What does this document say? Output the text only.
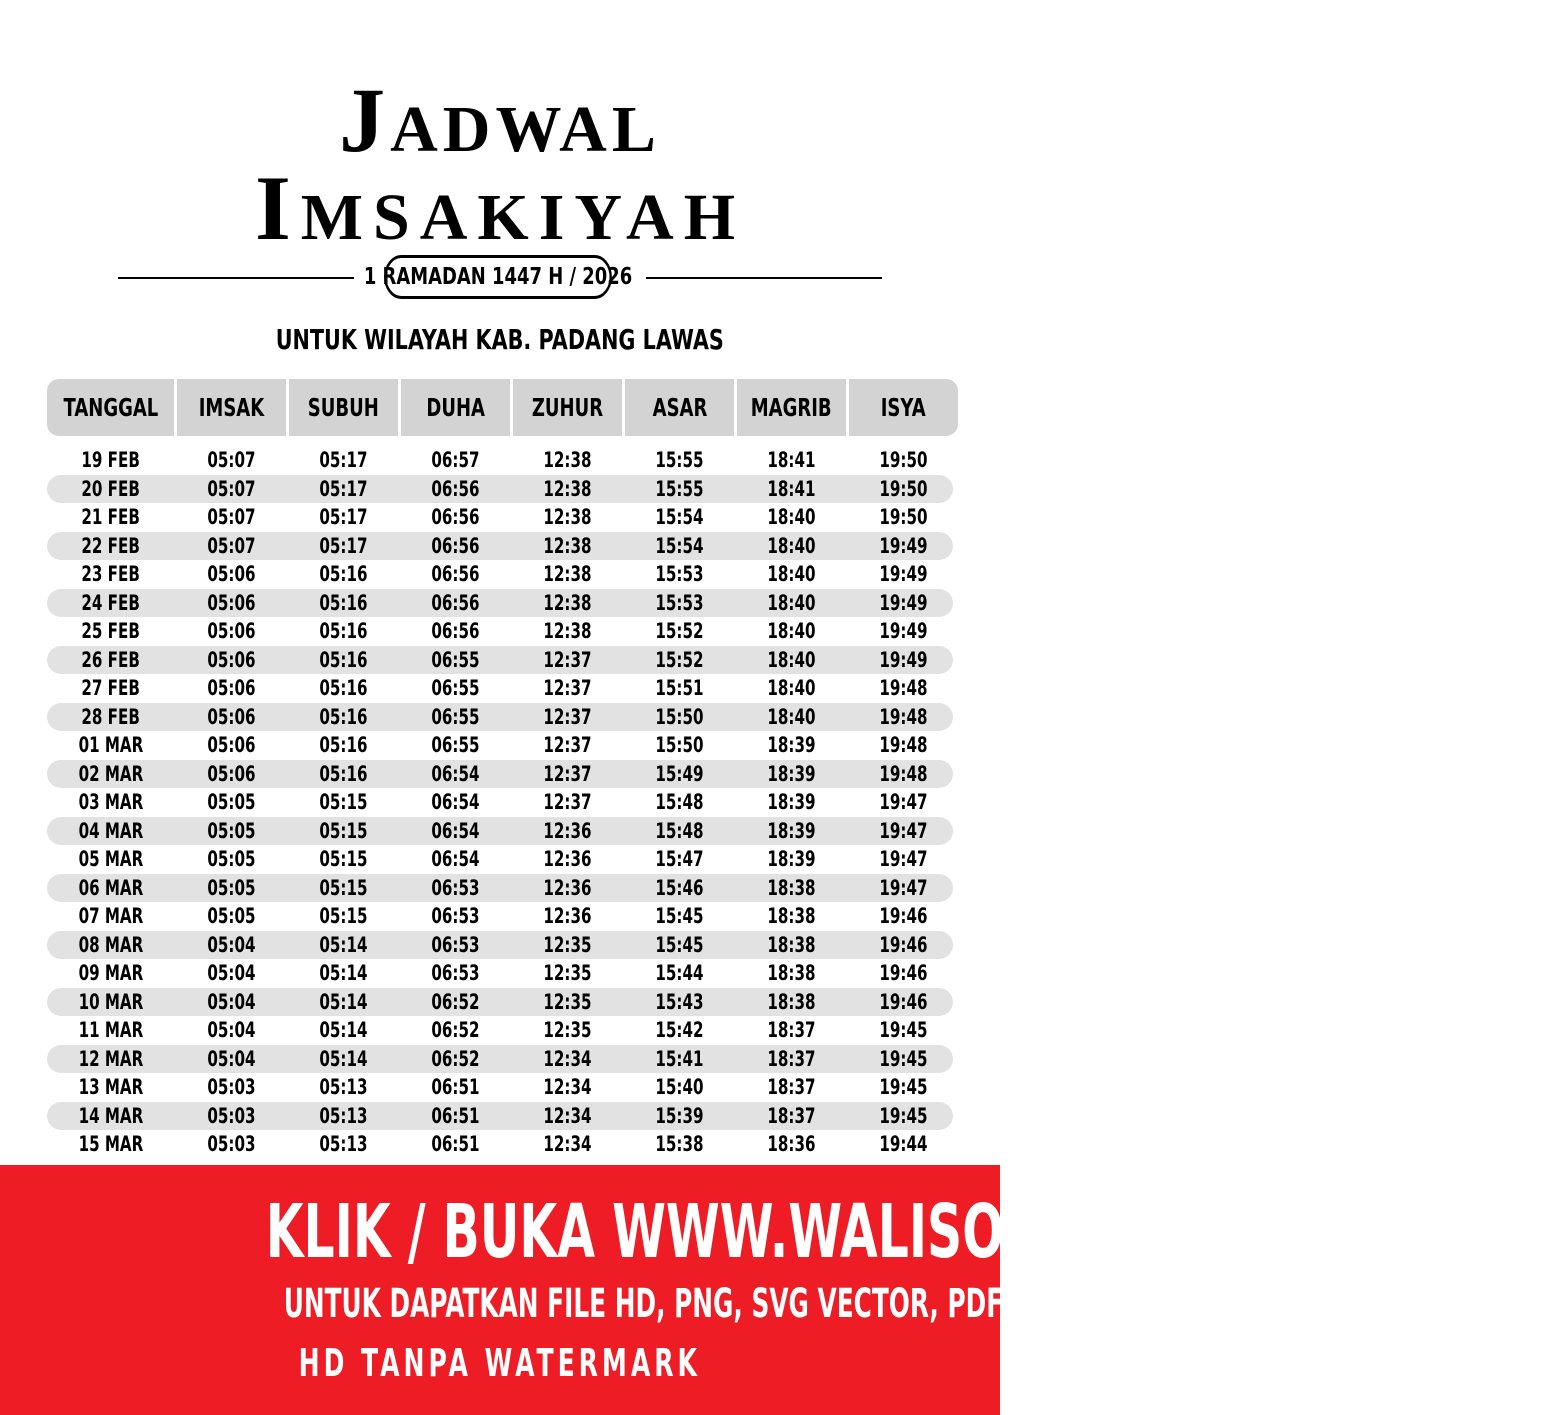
JADWAL
IMSAKIYAH
1 RAMADAN 1447 H / 2026
UNTUK WILAYAH KAB. PADANG LAWAS
TANGGAL IMSAK SUBUH DUHA ZUHUR ASAR MAGRIB ISYA
19 FEB	05:07	05:17	06:57	12:38	15:55	18:41	19:50
20 FEB	05:07	05:17	06:56	12:38	15:55	18:41	19:50
21 FEB	05:07	05:17	06:56	12:38	15:54	18:40	19:50
22 FEB	05:07	05:17	06:56	12:38	15:54	18:40	19:49
23 FEB	05:06	05:16	06:56	12:38	15:53	18:40	19:49
24 FEB	05:06	05:16	06:56	12:38	15:53	18:40	19:49
25 FEB	05:06	05:16	06:56	12:38	15:52	18:40	19:49
26 FEB	05:06	05:16	06:55	12:37	15:52	18:40	19:49
27 FEB	05:06	05:16	06:55	12:37	15:51	18:40	19:48
28 FEB	05:06	05:16	06:55	12:37	15:50	18:40	19:48
01 MAR	05:06	05:16	06:55	12:37	15:50	18:39	19:48
02 MAR	05:06	05:16	06:54	12:37	15:49	18:39	19:48
03 MAR	05:05	05:15	06:54	12:37	15:48	18:39	19:47
04 MAR	05:05	05:15	06:54	12:36	15:48	18:39	19:47
05 MAR	05:05	05:15	06:54	12:36	15:47	18:39	19:47
06 MAR	05:05	05:15	06:53	12:36	15:46	18:38	19:47
07 MAR	05:05	05:15	06:53	12:36	15:45	18:38	19:46
08 MAR	05:04	05:14	06:53	12:35	15:45	18:38	19:46
09 MAR	05:04	05:14	06:53	12:35	15:44	18:38	19:46
10 MAR	05:04	05:14	06:52	12:35	15:43	18:38	19:46
11 MAR	05:04	05:14	06:52	12:35	15:42	18:37	19:45
12 MAR	05:04	05:14	06:52	12:34	15:41	18:37	19:45
13 MAR	05:03	05:13	06:51	12:34	15:40	18:37	19:45
14 MAR	05:03	05:13	06:51	12:34	15:39	18:37	19:45
15 MAR	05:03	05:13	06:51	12:34	15:38	18:36	19:44
KLIK / BUKA WWW.WALISONGO.CO.ID
UNTUK DAPATKAN FILE HD, PNG, SVG VECTOR, PDF, WORD, EXCEL
HD TANPA WATERMARK
